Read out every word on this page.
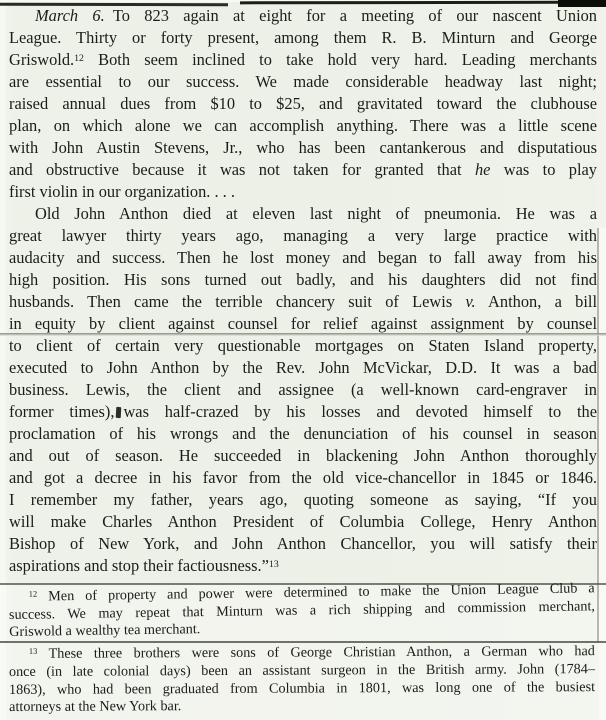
March 6. To 823 again at eight for a meeting of our nascent Union
League. Thirty or forty present, among them R. B. Minturn and George
Griswold.$^{12}$ Both seem inclined to take hold very hard. Leading merchants
are essential to our success. We made considerable headway last night;
raised annual dues from $10 to $25, and gravitated toward the clubhouse
plan, on which alone we can accomplish anything. There was a little scene
with John Austin Stevens, Jr., who has been cantankerous and disputatious
and obstructive because it was not taken for granted that he was to play
first violin in our organization. . . .
Old John Anthon died at eleven last night of pneumonia. He was a
great lawyer thirty years ago, managing a very large practice with
audacity and success. Then he lost money and began to fall away from his
high position. His sons turned out badly, and his daughters did not find
husbands. Then came the terrible chancery suit of Lewis v. Anthon, a bill
in equity by client against counsel for relief against assignment by counsel
to client of certain very questionable mortgages on Staten Island property,
executed to John Anthon by the Rev. John McVickar, D.D. It was a bad
business. Lewis, the client and assignee (a well-known card-engraver in
former times), was half-crazed by his losses and devoted himself to the
proclamation of his wrongs and the denunciation of his counsel in season
and out of season. He succeeded in blackening John Anthon thoroughly
and got a decree in his favor from the old vice-chancellor in 1845 or 1846.
I remember my father, years ago, quoting someone as saying, “If you
will make Charles Anthon President of Columbia College, Henry Anthon
Bishop of New York, and John Anthon Chancellor, you will satisfy their
aspirations and stop their factiousness.”$^{13}$
$^{12}$ Men of property and power were determined to make the Union League Club a
success. We may repeat that Minturn was a rich shipping and commission merchant,
Griswold a wealthy tea merchant.
$^{13}$ These three brothers were sons of George Christian Anthon, a German who had
once (in late colonial days) been an assistant surgeon in the British army. John (1784–
1863), who had been graduated from Columbia in 1801, was long one of the busiest
attorneys at the New York bar.
